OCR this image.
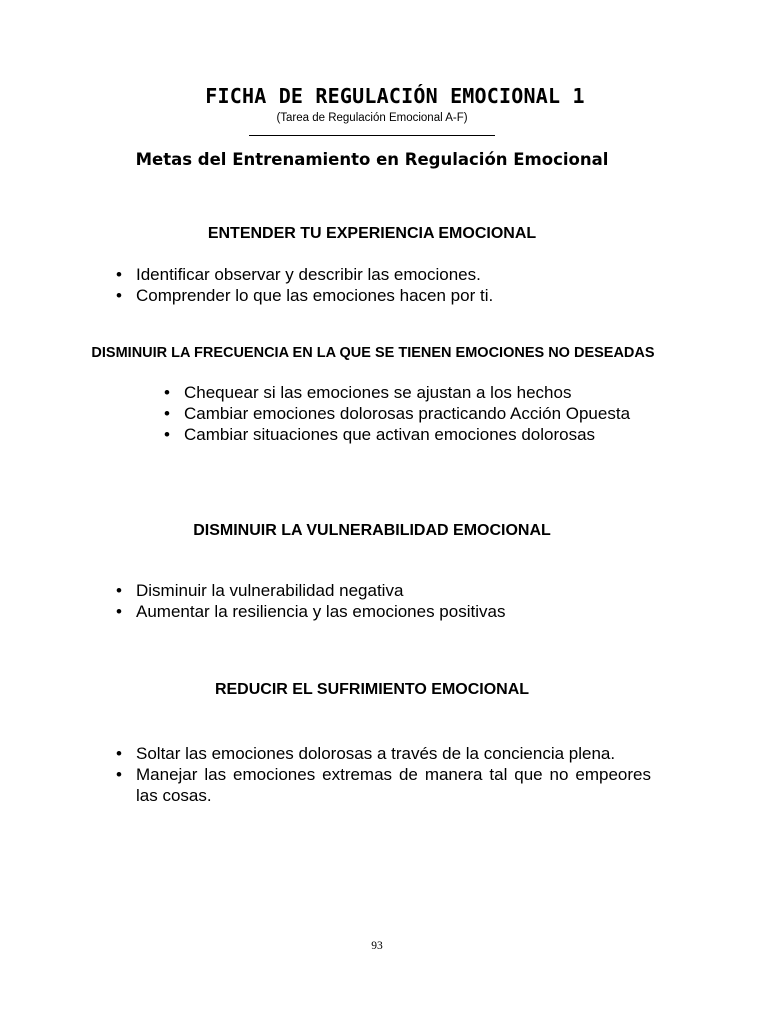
FICHA DE REGULACIÓN EMOCIONAL 1

(Tarea de Regulación Emocional A-F)

Metas del Entrenamiento en Regulación Emocional
ENTENDER TU EXPERIENCIA EMOCIONAL
• Identificar observar y describir las emociones.
• Comprender lo que las emociones hacen por ti.
DISMINUIR LA FRECUENCIA EN LA QUE SE TIENEN EMOCIONES NO DESEADAS
• Chequear si las emociones se ajustan a los hechos
• Cambiar emociones dolorosas practicando Acción Opuesta
• Cambiar situaciones que activan emociones dolorosas
DISMINUIR LA VULNERABILIDAD EMOCIONAL
• Disminuir la vulnerabilidad negativa
• Aumentar la resiliencia y las emociones positivas
REDUCIR EL SUFRIMIENTO EMOCIONAL
• Soltar las emociones dolorosas a través de la conciencia plena.
• Manejar las emociones extremas de manera tal que no empeores las cosas.

93
